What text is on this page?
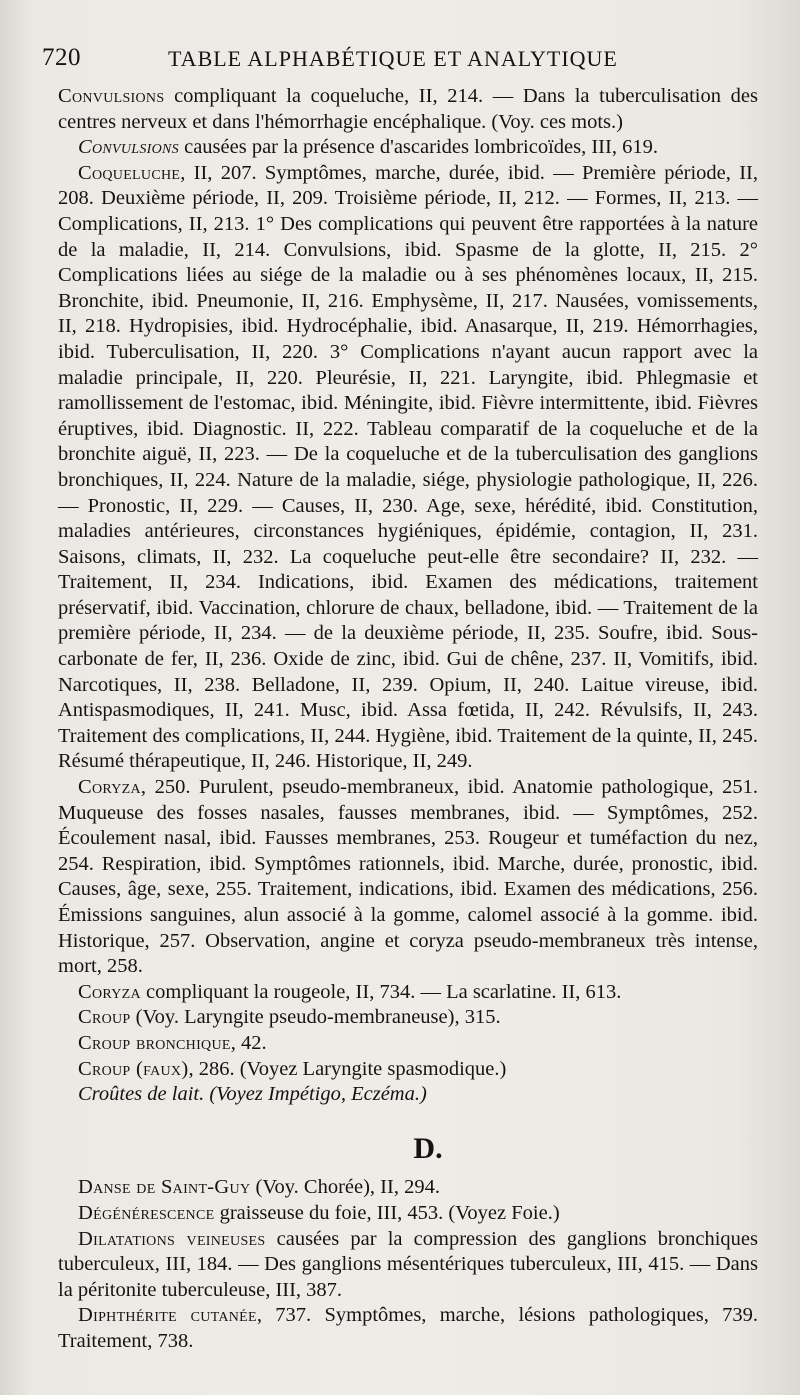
720	TABLE ALPHABÉTIQUE ET ANALYTIQUE

Convulsions compliquant la coqueluche, II, 214. — Dans la tuberculisation des centres nerveux et dans l'hémorrhagie encéphalique. (Voy. ces mots.)

Convulsions causées par la présence d'ascarides lombricoïdes, III, 619.

Coqueluche, II, 207. Symptômes, marche, durée, ibid. — Première période, II, 208. Deuxième période, II, 209. Troisième période, II, 212. — Formes, II, 213. — Complications, II, 213. 1° Des complications qui peuvent être rapportées à la nature de la maladie, II, 214. Convulsions, ibid. Spasme de la glotte, II, 215. 2° Complications liées au siége de la maladie ou à ses phénomènes locaux, II, 215. Bronchite, ibid. Pneumonie, II, 216. Emphysème, II, 217. Nausées, vomissements, II, 218. Hydropisies, ibid. Hydrocéphalie, ibid. Anasarque, II, 219. Hémorrhagies, ibid. Tuberculisation, II, 220. 3° Complications n'ayant aucun rapport avec la maladie principale, II, 220. Pleurésie, II, 221. Laryngite, ibid. Phlegmasie et ramollissement de l'estomac, ibid. Méningite, ibid. Fièvre intermittente, ibid. Fièvres éruptives, ibid. Diagnostic. II, 222. Tableau comparatif de la coqueluche et de la bronchite aiguë, II, 223. — De la coqueluche et de la tuberculisation des ganglions bronchiques, II, 224. Nature de la maladie, siége, physiologie pathologique, II, 226. — Pronostic, II, 229. — Causes, II, 230. Age, sexe, hérédité, ibid. Constitution, maladies antérieures, circonstances hygiéniques, épidémie, contagion, II, 231. Saisons, climats, II, 232. La coqueluche peut-elle être secondaire? II, 232. — Traitement, II, 234. Indications, ibid. Examen des médications, traitement préservatif, ibid. Vaccination, chlorure de chaux, belladone, ibid. — Traitement de la première période, II, 234. — de la deuxième période, II, 235. Soufre, ibid. Sous-carbonate de fer, II, 236. Oxide de zinc, ibid. Gui de chêne, 237. II, Vomitifs, ibid. Narcotiques, II, 238. Belladone, II, 239. Opium, II, 240. Laitue vireuse, ibid. Antispasmodiques, II, 241. Musc, ibid. Assa fœtida, II, 242. Révulsifs, II, 243. Traitement des complications, II, 244. Hygiène, ibid. Traitement de la quinte, II, 245. Résumé thérapeutique, II, 246. Historique, II, 249.

Coryza, 250. Purulent, pseudo-membraneux, ibid. Anatomie pathologique, 251. Muqueuse des fosses nasales, fausses membranes, ibid. — Symptômes, 252. Écoulement nasal, ibid. Fausses membranes, 253. Rougeur et tuméfaction du nez, 254. Respiration, ibid. Symptômes rationnels, ibid. Marche, durée, pronostic, ibid. Causes, âge, sexe, 255. Traitement, indications, ibid. Examen des médications, 256. Émissions sanguines, alun associé à la gomme, calomel associé à la gomme. ibid. Historique, 257. Observation, angine et coryza pseudo-membraneux très intense, mort, 258.

Coryza compliquant la rougeole, II, 734. — La scarlatine. II, 613.

Croup (Voy. Laryngite pseudo-membraneuse), 315.

Croup bronchique, 42.

Croup (faux), 286. (Voyez Laryngite spasmodique.)

Croûtes de lait. (Voyez Impétigo, Eczéma.)

D.

Danse de Saint-Guy (Voy. Chorée), II, 294.

Dégénérescence graisseuse du foie, III, 453. (Voyez Foie.)

Dilatations veineuses causées par la compression des ganglions bronchiques tuberculeux, III, 184. — Des ganglions mésentériques tuberculeux, III, 415. — Dans la péritonite tuberculeuse, III, 387.

Diphthérite cutanée, 737. Symptômes, marche, lésions pathologiques, 739. Traitement, 738.
